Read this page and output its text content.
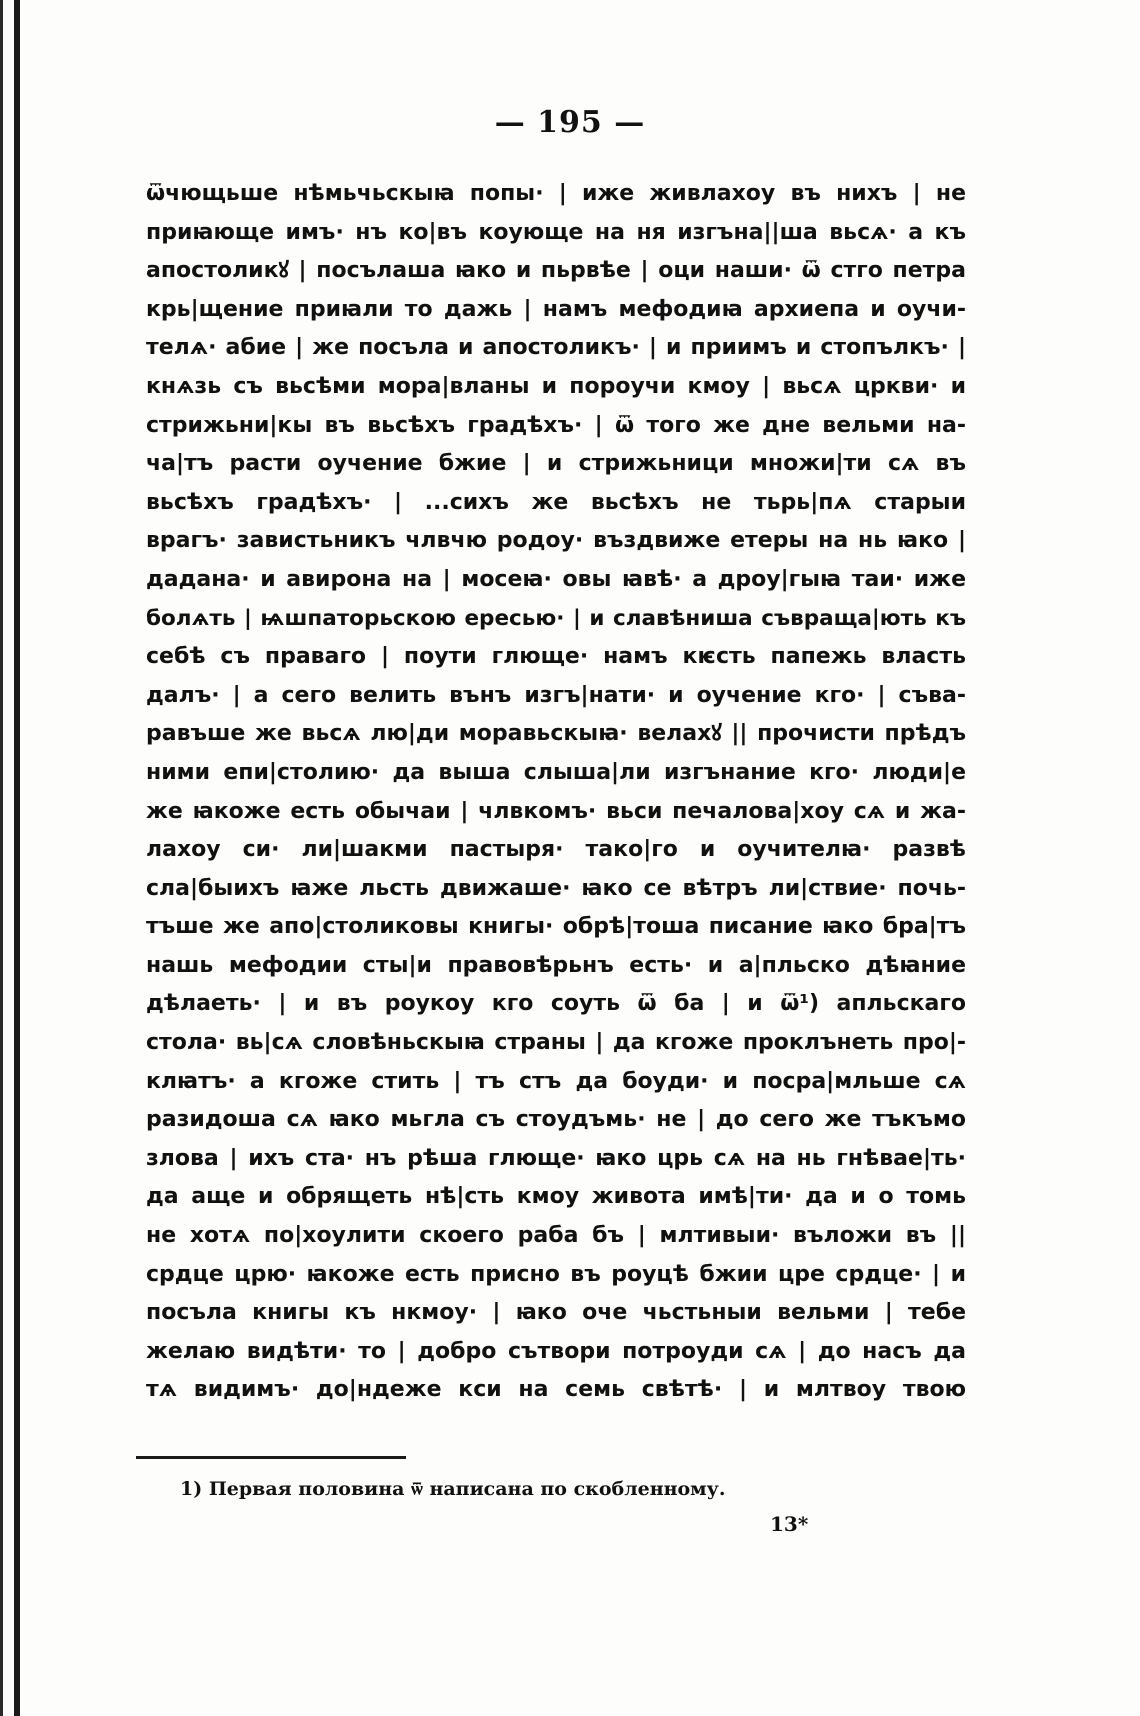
— 195 —
ѿчющьше нѣмьчьскыꙗ попы· | иже живлахоу въ нихъ | не
приꙗюще имъ· нъ ко|въ коующе на ня изгъна||ша вьсѧ· а къ
апостоликꙋ | посълаша ꙗко и пьрвѣе | оци наши· ѿ стго петра
крь|щение приꙗли то дажь | намъ мефодиꙗ архиепа и оучи-
телѧ· абие | же посъла и апостоликъ· | и приимъ и стопълкъ· |
кнѧзь съ вьсѣми мора|вланы и пороучи кмоу | вьсѧ цркви· и
стрижьни|кы въ вьсѣхъ градѣхъ· | ѿ того же дне вельми на-
ча|тъ расти оучение бжие | и стрижьници множи|ти сѧ въ
вьсѣхъ градѣхъ· | ...сихъ же вьсѣхъ не тьрь|пѧ старыи
врагъ· завистьникъ члвчю родоу· въздвиже етеры на нь ꙗко |
дадана· и авирона на | мосеꙗ· овы ꙗвѣ· а дроу|гыꙗ таи· иже
болѧть | ѩшпаторьскою ересью· | и славѣниша съвраща|ють къ
себѣ съ праваго | поути глюще· намъ кѥсть папежь власть
далъ· | а сего велить вънъ изгъ|нати· и оучение кго· | съва-
равъше же вьсѧ лю|ди моравьскыꙗ· велахꙋ || прочисти прѣдъ
ними епи|столию· да выша слыша|ли изгънание кго· люди|е
же ꙗкоже есть обычаи | члвкомъ· вьси печалова|хоу сѧ и жа-
лахоу си· ли|шакми пастыря· тако|го и оучителꙗ· развѣ
сла|быихъ ꙗже льсть движаше· ꙗко се вѣтръ ли|ствие· почь-
тъше же апо|столиковы книгы· обрѣ|тоша писание ꙗко бра|тъ
нашь мефодии сты|и правовѣрьнъ есть· и а|пльско дѣꙗние
дѣлаеть· | и въ роукоу кго соуть ѿ ба | и ѿ¹) апльскаго
стола· вь|сѧ словѣньскыꙗ страны | да кгоже проклънеть про|-
клꙗтъ· а кгоже стить | тъ стъ да боуди· и посра|мльше сѧ
разидоша сѧ ꙗко мьгла съ стоудъмь· не | до сего же тъкъмо
злова | ихъ ста· нъ рѣша глюще· ꙗко црь сѧ на нь гнѣвае|ть·
да аще и обрящеть нѣ|сть кмоу живота имѣ|ти· да и о томь
не хотѧ по|хоулити скоего раба бъ | млтивыи· въложи въ ||
срдце црю· ꙗкоже есть присно въ роуцѣ бжии цре срдце· | и
посъла книгы къ нкмоу· | ꙗко оче чьстьныи вельми | тебе
желаю видѣти· то | добро сътвори потроуди сѧ | до насъ да
тѧ видимъ· до|ндеже кси на семь свѣтѣ· | и млтвоу твою
1) Первая половина ѿ написана по скобленному.
13*
